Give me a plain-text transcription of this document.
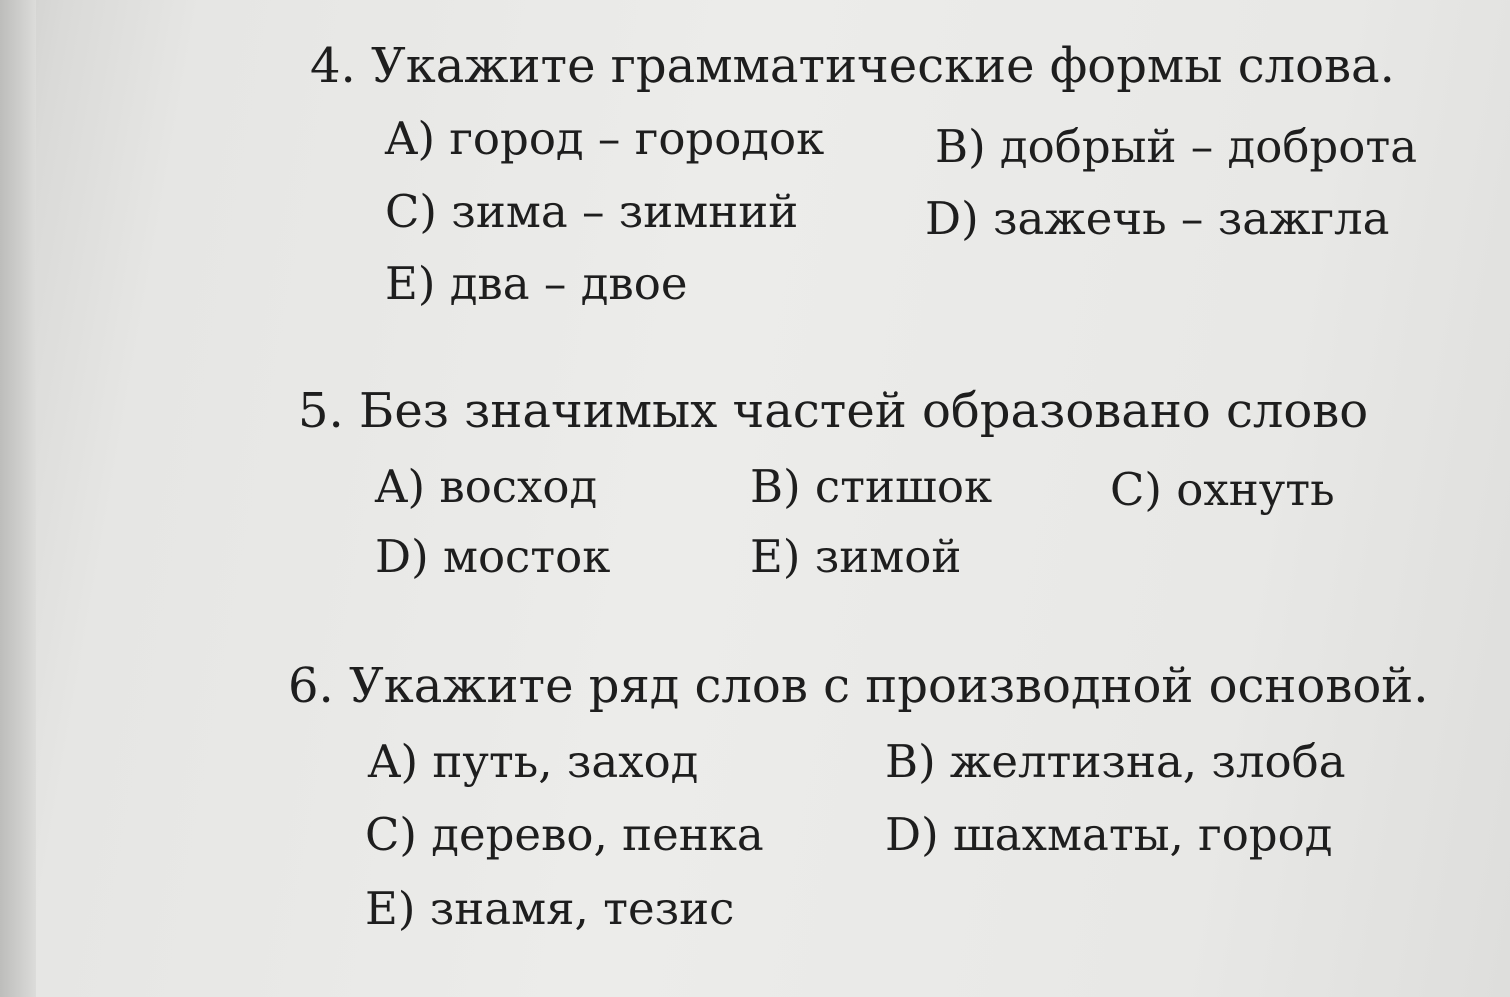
4. Укажите грамматические формы слова.
A) город – городок B) добрый – доброта
C) зима – зимний	D) зажечь – зажгла
E) два – двое
5. Без значимых частей образовано слово
A) восход	B) стишок	C) охнуть
D) мосток	E) зимой
6. Укажите ряд слов с производной основой.
A) путь, заход	B) желтизна, злоба
C) дерево, пенка	D) шахматы, город
E) знамя, тезис
